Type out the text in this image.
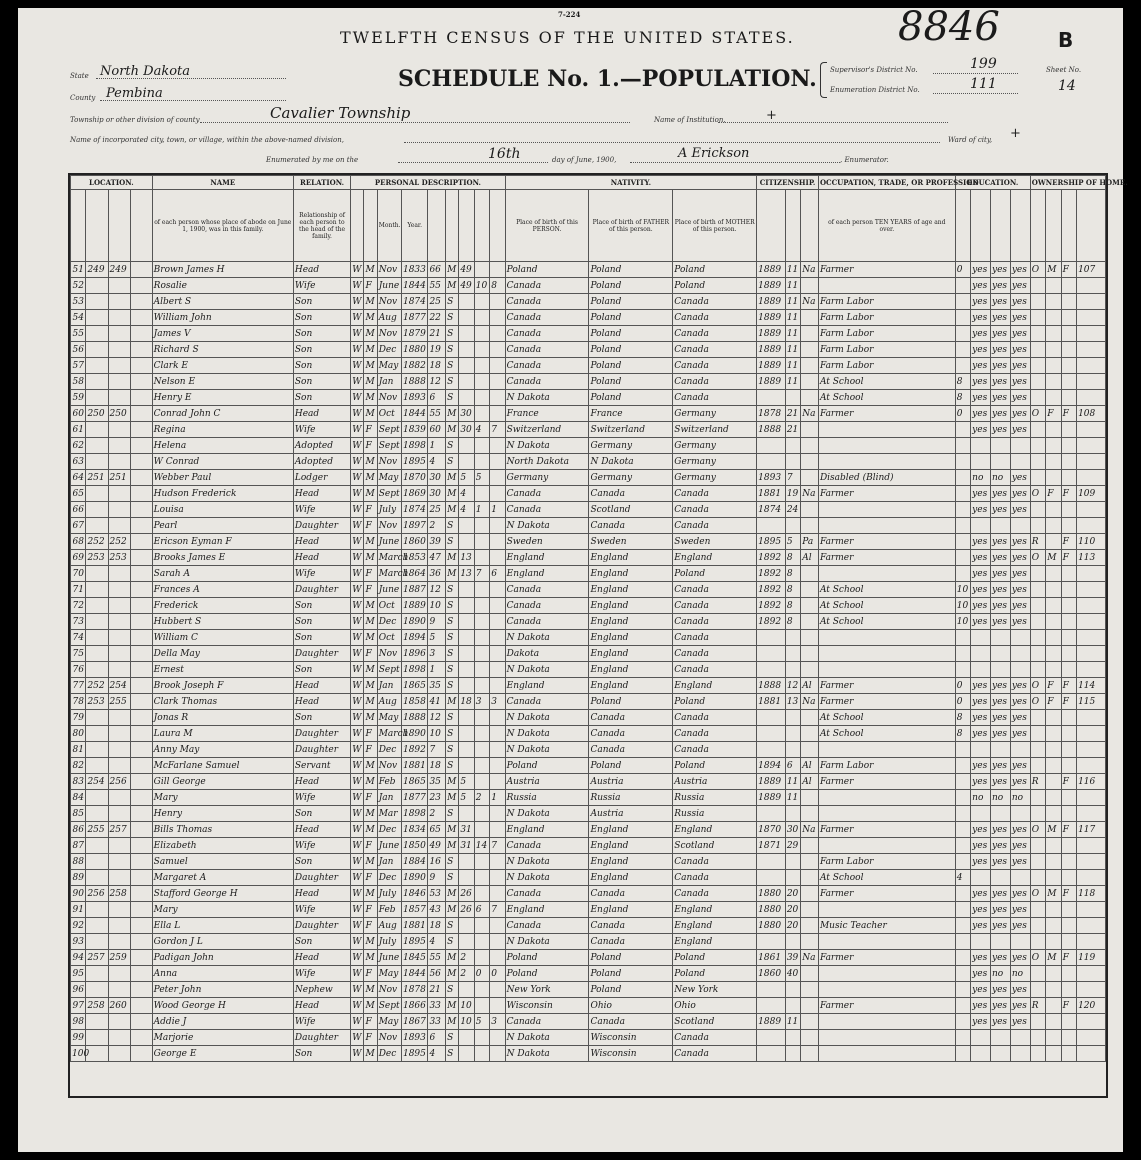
7-224	8846	B
TWELFTH CENSUS OF THE UNITED STATES.
SCHEDULE No. 1.—POPULATION.
State North Dakota
County Pembina
Township or other division of county	Cavalier Township	Name of Institution,	+
Name of incorporated city, town, or village, within the above-named division,	Ward of city, +
Enumerated by me on the	16th	day of June, 1900,	A Erickson	, Enumerator.
Supervisor's District No.	199
Enumeration District No.	111
Sheet No.
14
LOCATION.				NAME	RELATION.	PERSONAL DESCRIPTION.									NATIVITY.			CITIZENSHIP.			OCCUPATION, TRADE, OR PROFESSION	EDUCATION.				OWNERSHIP OF HOME.			
				of each person whose place of abode on June 1, 1900, was in this family.	Relationship of each person to the head of the family.			Month.	Year.						Place of birth of this PERSON.	Place of birth of FATHER of this person.	Place of birth of MOTHER of this person.				of each person TEN YEARS of age and over.								
51	249	249		Brown James H	Head	W	M	Nov	1833	66	M	49			Poland	Poland	Poland	1889	11	Na	Farmer	0	yes	yes	yes	O	M	F	107
52				Rosalie	Wife	W	F	June	1844	55	M	49	10	8	Canada	Poland	Poland	1889	11				yes	yes	yes				
53				Albert S	Son	W	M	Nov	1874	25	S				Canada	Poland	Canada	1889	11	Na	Farm Labor		yes	yes	yes				
54				William John	Son	W	M	Aug	1877	22	S				Canada	Poland	Canada	1889	11		Farm Labor		yes	yes	yes				
55				James V	Son	W	M	Nov	1879	21	S				Canada	Poland	Canada	1889	11		Farm Labor		yes	yes	yes				
56				Richard S	Son	W	M	Dec	1880	19	S				Canada	Poland	Canada	1889	11		Farm Labor		yes	yes	yes				
57				Clark E	Son	W	M	May	1882	18	S				Canada	Poland	Canada	1889	11		Farm Labor		yes	yes	yes				
58				Nelson E	Son	W	M	Jan	1888	12	S				Canada	Poland	Canada	1889	11		At School	8	yes	yes	yes				
59				Henry E	Son	W	M	Nov	1893	6	S				N Dakota	Poland	Canada				At School	8	yes	yes	yes				
60	250	250		Conrad John C	Head	W	M	Oct	1844	55	M	30			France	France	Germany	1878	21	Na	Farmer	0	yes	yes	yes	O	F	F	108
61				Regina	Wife	W	F	Sept	1839	60	M	30	4	7	Switzerland	Switzerland	Switzerland	1888	21				yes	yes	yes				
62				Helena	Adopted	W	F	Sept	1898	1	S				N Dakota	Germany	Germany												
63				W Conrad	Adopted	W	M	Nov	1895	4	S				North Dakota	N Dakota	Germany												
64	251	251		Webber Paul	Lodger	W	M	May	1870	30	M	5	5		Germany	Germany	Germany	1893	7		Disabled (Blind)		no	no	yes				
65				Hudson Frederick	Head	W	M	Sept	1869	30	M	4			Canada	Canada	Canada	1881	19	Na	Farmer		yes	yes	yes	O	F	F	109
66				Louisa	Wife	W	F	July	1874	25	M	4	1	1	Canada	Scotland	Canada	1874	24				yes	yes	yes				
67				Pearl	Daughter	W	F	Nov	1897	2	S				N Dakota	Canada	Canada												
68	252	252		Ericson Eyman F	Head	W	M	June	1860	39	S				Sweden	Sweden	Sweden	1895	5	Pa	Farmer		yes	yes	yes	R		F	110
69	253	253		Brooks James E	Head	W	M	March	1853	47	M	13			England	England	England	1892	8	Al	Farmer		yes	yes	yes	O	M	F	113
70				Sarah A	Wife	W	F	March	1864	36	M	13	7	6	England	England	Poland	1892	8				yes	yes	yes				
71				Frances A	Daughter	W	F	June	1887	12	S				Canada	England	Canada	1892	8		At School	10	yes	yes	yes				
72				Frederick	Son	W	M	Oct	1889	10	S				Canada	England	Canada	1892	8		At School	10	yes	yes	yes				
73				Hubbert S	Son	W	M	Dec	1890	9	S				Canada	England	Canada	1892	8		At School	10	yes	yes	yes				
74				William C	Son	W	M	Oct	1894	5	S				N Dakota	England	Canada												
75				Della May	Daughter	W	F	Nov	1896	3	S				Dakota	England	Canada												
76				Ernest	Son	W	M	Sept	1898	1	S				N Dakota	England	Canada												
77	252	254		Brook Joseph F	Head	W	M	Jan	1865	35	S				England	England	England	1888	12	Al	Farmer	0	yes	yes	yes	O	F	F	114
78	253	255		Clark Thomas	Head	W	M	Aug	1858	41	M	18	3	3	Canada	Poland	Poland	1881	13	Na	Farmer	0	yes	yes	yes	O	F	F	115
79				Jonas R	Son	W	M	May	1888	12	S				N Dakota	Canada	Canada				At School	8	yes	yes	yes				
80				Laura M	Daughter	W	F	March	1890	10	S				N Dakota	Canada	Canada				At School	8	yes	yes	yes				
81				Anny May	Daughter	W	F	Dec	1892	7	S				N Dakota	Canada	Canada												
82				McFarlane Samuel	Servant	W	M	Nov	1881	18	S				Poland	Poland	Poland	1894	6	Al	Farm Labor		yes	yes	yes				
83	254	256		Gill George	Head	W	M	Feb	1865	35	M	5			Austria	Austria	Austria	1889	11	Al	Farmer		yes	yes	yes	R		F	116
84				Mary	Wife	W	F	Jan	1877	23	M	5	2	1	Russia	Russia	Russia	1889	11				no	no	no				
85				Henry	Son	W	M	Mar	1898	2	S				N Dakota	Austria	Russia												
86	255	257		Bills Thomas	Head	W	M	Dec	1834	65	M	31			England	England	England	1870	30	Na	Farmer		yes	yes	yes	O	M	F	117
87				Elizabeth	Wife	W	F	June	1850	49	M	31	14	7	Canada	England	Scotland	1871	29				yes	yes	yes				
88				Samuel	Son	W	M	Jan	1884	16	S				N Dakota	England	Canada				Farm Labor		yes	yes	yes				
89				Margaret A	Daughter	W	F	Dec	1890	9	S				N Dakota	England	Canada				At School	4							
90	256	258		Stafford George H	Head	W	M	July	1846	53	M	26			Canada	Canada	Canada	1880	20		Farmer		yes	yes	yes	O	M	F	118
91				Mary	Wife	W	F	Feb	1857	43	M	26	6	7	England	England	England	1880	20				yes	yes	yes				
92				Ella L	Daughter	W	F	Aug	1881	18	S				Canada	Canada	England	1880	20		Music Teacher		yes	yes	yes				
93				Gordon J L	Son	W	M	July	1895	4	S				N Dakota	Canada	England												
94	257	259		Padigan John	Head	W	M	June	1845	55	M	2			Poland	Poland	Poland	1861	39	Na	Farmer		yes	yes	yes	O	M	F	119
95				Anna	Wife	W	F	May	1844	56	M	2	0	0	Poland	Poland	Poland	1860	40				yes	no	no				
96				Peter John	Nephew	W	M	Nov	1878	21	S				New York	Poland	New York						yes	yes	yes				
97	258	260		Wood George H	Head	W	M	Sept	1866	33	M	10			Wisconsin	Ohio	Ohio				Farmer		yes	yes	yes	R		F	120
98				Addie J	Wife	W	F	May	1867	33	M	10	5	3	Canada	Canada	Scotland	1889	11				yes	yes	yes				
99				Marjorie	Daughter	W	F	Nov	1893	6	S				N Dakota	Wisconsin	Canada												
100				George E	Son	W	M	Dec	1895	4	S				N Dakota	Wisconsin	Canada												
